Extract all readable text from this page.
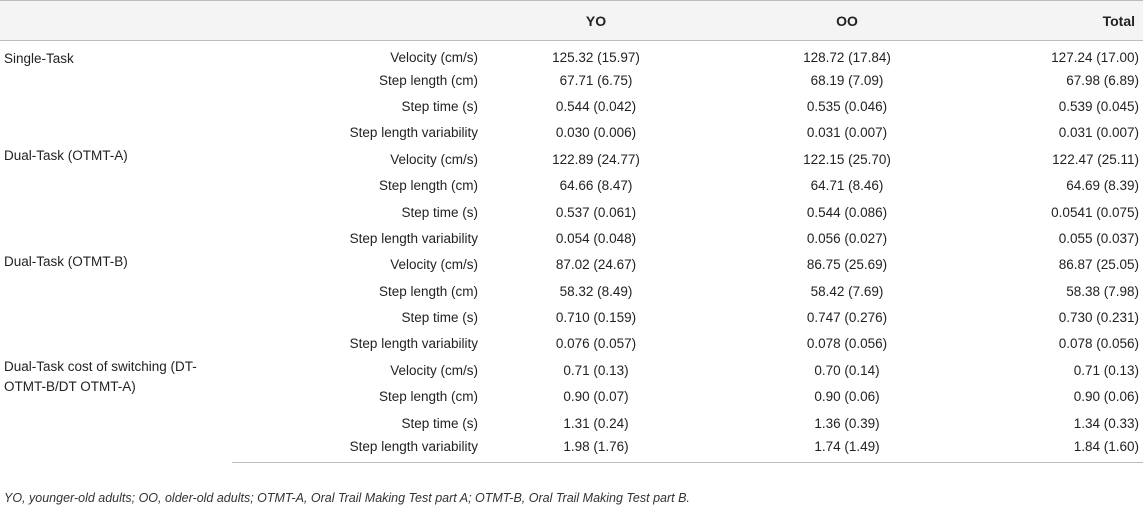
		YO	OO	Total
Single-Task	Velocity (cm/s)	125.32 (15.97)	128.72 (17.84)	127.24 (17.00)
	Step length (cm)	67.71 (6.75)	68.19 (7.09)	67.98 (6.89)
	Step time (s)	0.544 (0.042)	0.535 (0.046)	0.539 (0.045)
	Step length variability	0.030 (0.006)	0.031 (0.007)	0.031 (0.007)
Dual-Task (OTMT-A)	Velocity (cm/s)	122.89 (24.77)	122.15 (25.70)	122.47 (25.11)
	Step length (cm)	64.66 (8.47)	64.71 (8.46)	64.69 (8.39)
	Step time (s)	0.537 (0.061)	0.544 (0.086)	0.0541 (0.075)
	Step length variability	0.054 (0.048)	0.056 (0.027)	0.055 (0.037)
Dual-Task (OTMT-B)	Velocity (cm/s)	87.02 (24.67)	86.75 (25.69)	86.87 (25.05)
	Step length (cm)	58.32 (8.49)	58.42 (7.69)	58.38 (7.98)
	Step time (s)	0.710 (0.159)	0.747 (0.276)	0.730 (0.231)
	Step length variability	0.076 (0.057)	0.078 (0.056)	0.078 (0.056)
Dual-Task cost of switching (DT-OTMT-B/DT OTMT-A)	Velocity (cm/s)	0.71 (0.13)	0.70 (0.14)	0.71 (0.13)
	Step length (cm)	0.90 (0.07)	0.90 (0.06)	0.90 (0.06)
	Step time (s)	1.31 (0.24)	1.36 (0.39)	1.34 (0.33)
	Step length variability	1.98 (1.76)	1.74 (1.49)	1.84 (1.60)
YO, younger-old adults; OO, older-old adults; OTMT-A, Oral Trail Making Test part A; OTMT-B, Oral Trail Making Test part B.
